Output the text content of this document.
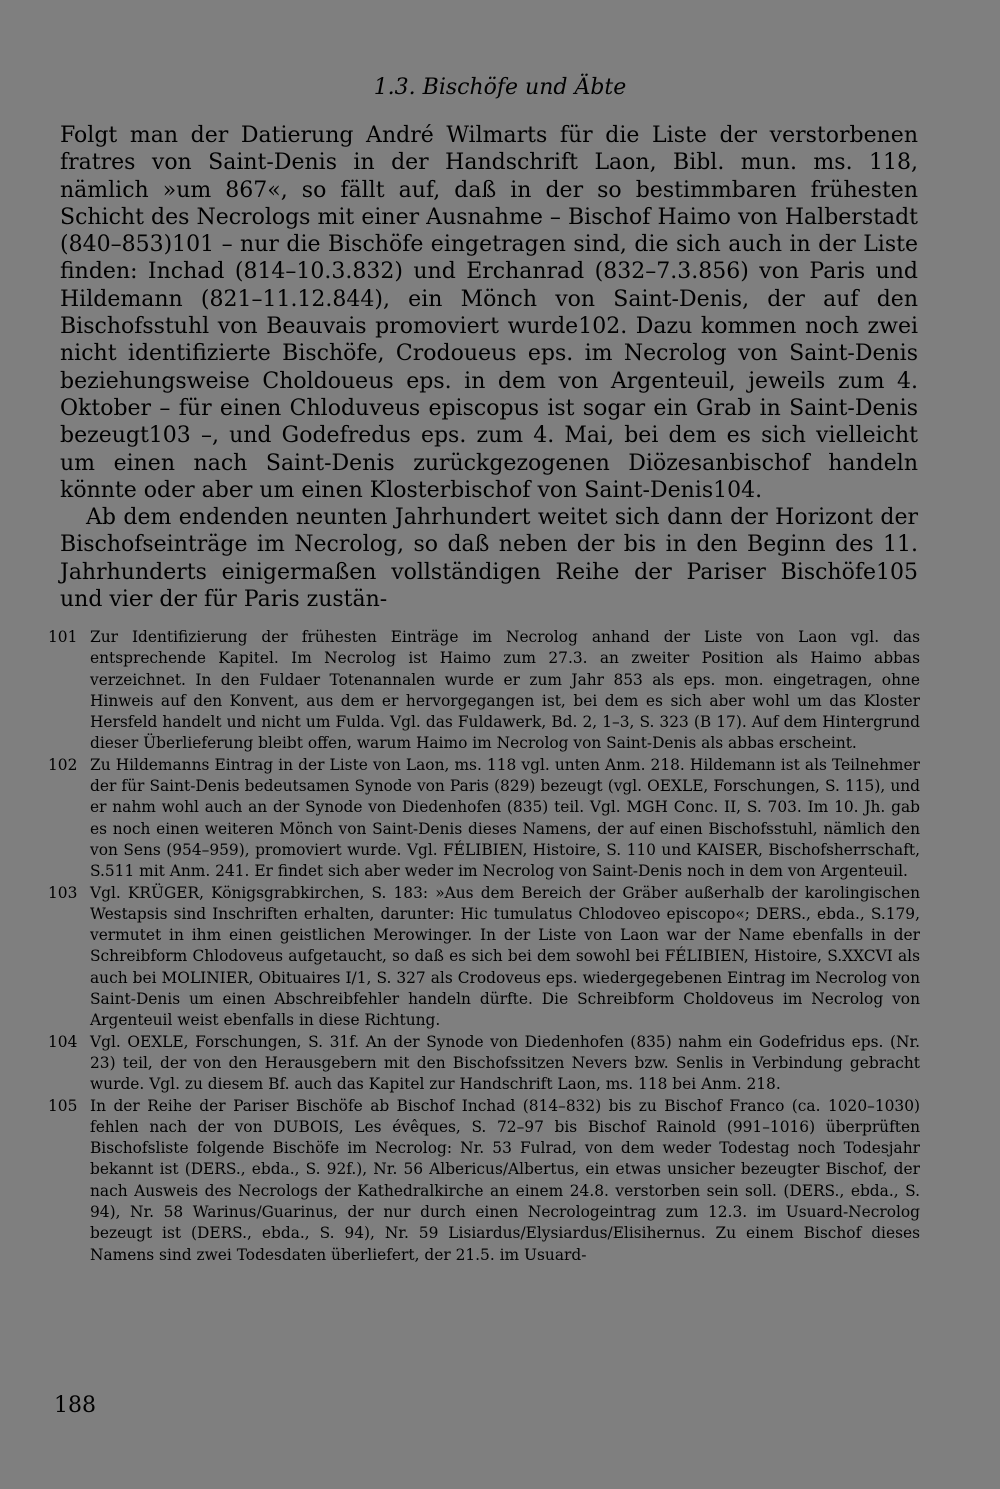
1.3. Bischöfe und Äbte

Folgt man der Datierung André Wilmarts für die Liste der verstorbenen fratres von Saint-Denis in der Handschrift Laon, Bibl. mun. ms. 118, nämlich »um 867«, so fällt auf, daß in der so bestimmbaren frühesten Schicht des Necrologs mit einer Ausnahme – Bischof Haimo von Halberstadt (840–853)101 – nur die Bischöfe eingetragen sind, die sich auch in der Liste finden: Inchad (814–10.3.832) und Erchanrad (832–7.3.856) von Paris und Hildemann (821–11.12.844), ein Mönch von Saint-Denis, der auf den Bischofsstuhl von Beauvais promoviert wurde102. Dazu kommen noch zwei nicht identifizierte Bischöfe, Crodoueus eps. im Necrolog von Saint-Denis beziehungsweise Choldoueus eps. in dem von Argenteuil, jeweils zum 4. Oktober – für einen Chloduveus episcopus ist sogar ein Grab in Saint-Denis bezeugt103 –, und Godefredus eps. zum 4. Mai, bei dem es sich vielleicht um einen nach Saint-Denis zurückgezogenen Diözesanbischof handeln könnte oder aber um einen Klosterbischof von Saint-Denis104.

Ab dem endenden neunten Jahrhundert weitet sich dann der Horizont der Bischofseinträge im Necrolog, so daß neben der bis in den Beginn des 11. Jahrhunderts einigermaßen vollständigen Reihe der Pariser Bischöfe105 und vier der für Paris zustän-

101 Zur Identifizierung der frühesten Einträge im Necrolog anhand der Liste von Laon vgl. das entsprechende Kapitel. Im Necrolog ist Haimo zum 27.3. an zweiter Position als Haimo abbas verzeichnet. In den Fuldaer Totenannalen wurde er zum Jahr 853 als eps. mon. eingetragen, ohne Hinweis auf den Konvent, aus dem er hervorgegangen ist, bei dem es sich aber wohl um das Kloster Hersfeld handelt und nicht um Fulda. Vgl. das Fuldawerk, Bd. 2, 1–3, S. 323 (B 17). Auf dem Hintergrund dieser Überlieferung bleibt offen, warum Haimo im Necrolog von Saint-Denis als abbas erscheint.
102 Zu Hildemanns Eintrag in der Liste von Laon, ms. 118 vgl. unten Anm. 218. Hildemann ist als Teilnehmer der für Saint-Denis bedeutsamen Synode von Paris (829) bezeugt (vgl. OEXLE, Forschungen, S. 115), und er nahm wohl auch an der Synode von Diedenhofen (835) teil. Vgl. MGH Conc. II, S. 703. Im 10. Jh. gab es noch einen weiteren Mönch von Saint-Denis dieses Namens, der auf einen Bischofsstuhl, nämlich den von Sens (954–959), promoviert wurde. Vgl. FÉLIBIEN, Histoire, S. 110 und KAISER, Bischofsherrschaft, S.511 mit Anm. 241. Er findet sich aber weder im Necrolog von Saint-Denis noch in dem von Argenteuil.
103 Vgl. KRÜGER, Königsgrabkirchen, S. 183: »Aus dem Bereich der Gräber außerhalb der karolingischen Westapsis sind Inschriften erhalten, darunter: Hic tumulatus Chlodoveo episcopo«; DERS., ebda., S.179, vermutet in ihm einen geistlichen Merowinger. In der Liste von Laon war der Name ebenfalls in der Schreibform Chlodoveus aufgetaucht, so daß es sich bei dem sowohl bei FÉLIBIEN, Histoire, S.XXCVI als auch bei MOLINIER, Obituaires I/1, S. 327 als Crodoveus eps. wiedergegebenen Eintrag im Necrolog von Saint-Denis um einen Abschreibfehler handeln dürfte. Die Schreibform Choldoveus im Necrolog von Argenteuil weist ebenfalls in diese Richtung.
104 Vgl. OEXLE, Forschungen, S. 31f. An der Synode von Diedenhofen (835) nahm ein Godefridus eps. (Nr. 23) teil, der von den Herausgebern mit den Bischofssitzen Nevers bzw. Senlis in Verbindung gebracht wurde. Vgl. zu diesem Bf. auch das Kapitel zur Handschrift Laon, ms. 118 bei Anm. 218.
105 In der Reihe der Pariser Bischöfe ab Bischof Inchad (814–832) bis zu Bischof Franco (ca. 1020–1030) fehlen nach der von DUBOIS, Les évêques, S. 72–97 bis Bischof Rainold (991–1016) überprüften Bischofsliste folgende Bischöfe im Necrolog: Nr. 53 Fulrad, von dem weder Todestag noch Todesjahr bekannt ist (DERS., ebda., S. 92f.), Nr. 56 Albericus/Albertus, ein etwas unsicher bezeugter Bischof, der nach Ausweis des Necrologs der Kathedralkirche an einem 24.8. verstorben sein soll. (DERS., ebda., S. 94), Nr. 58 Warinus/Guarinus, der nur durch einen Necrologeintrag zum 12.3. im Usuard-Necrolog bezeugt ist (DERS., ebda., S. 94), Nr. 59 Lisiardus/Elysiardus/Elisihernus. Zu einem Bischof dieses Namens sind zwei Todesdaten überliefert, der 21.5. im Usuard-
188
